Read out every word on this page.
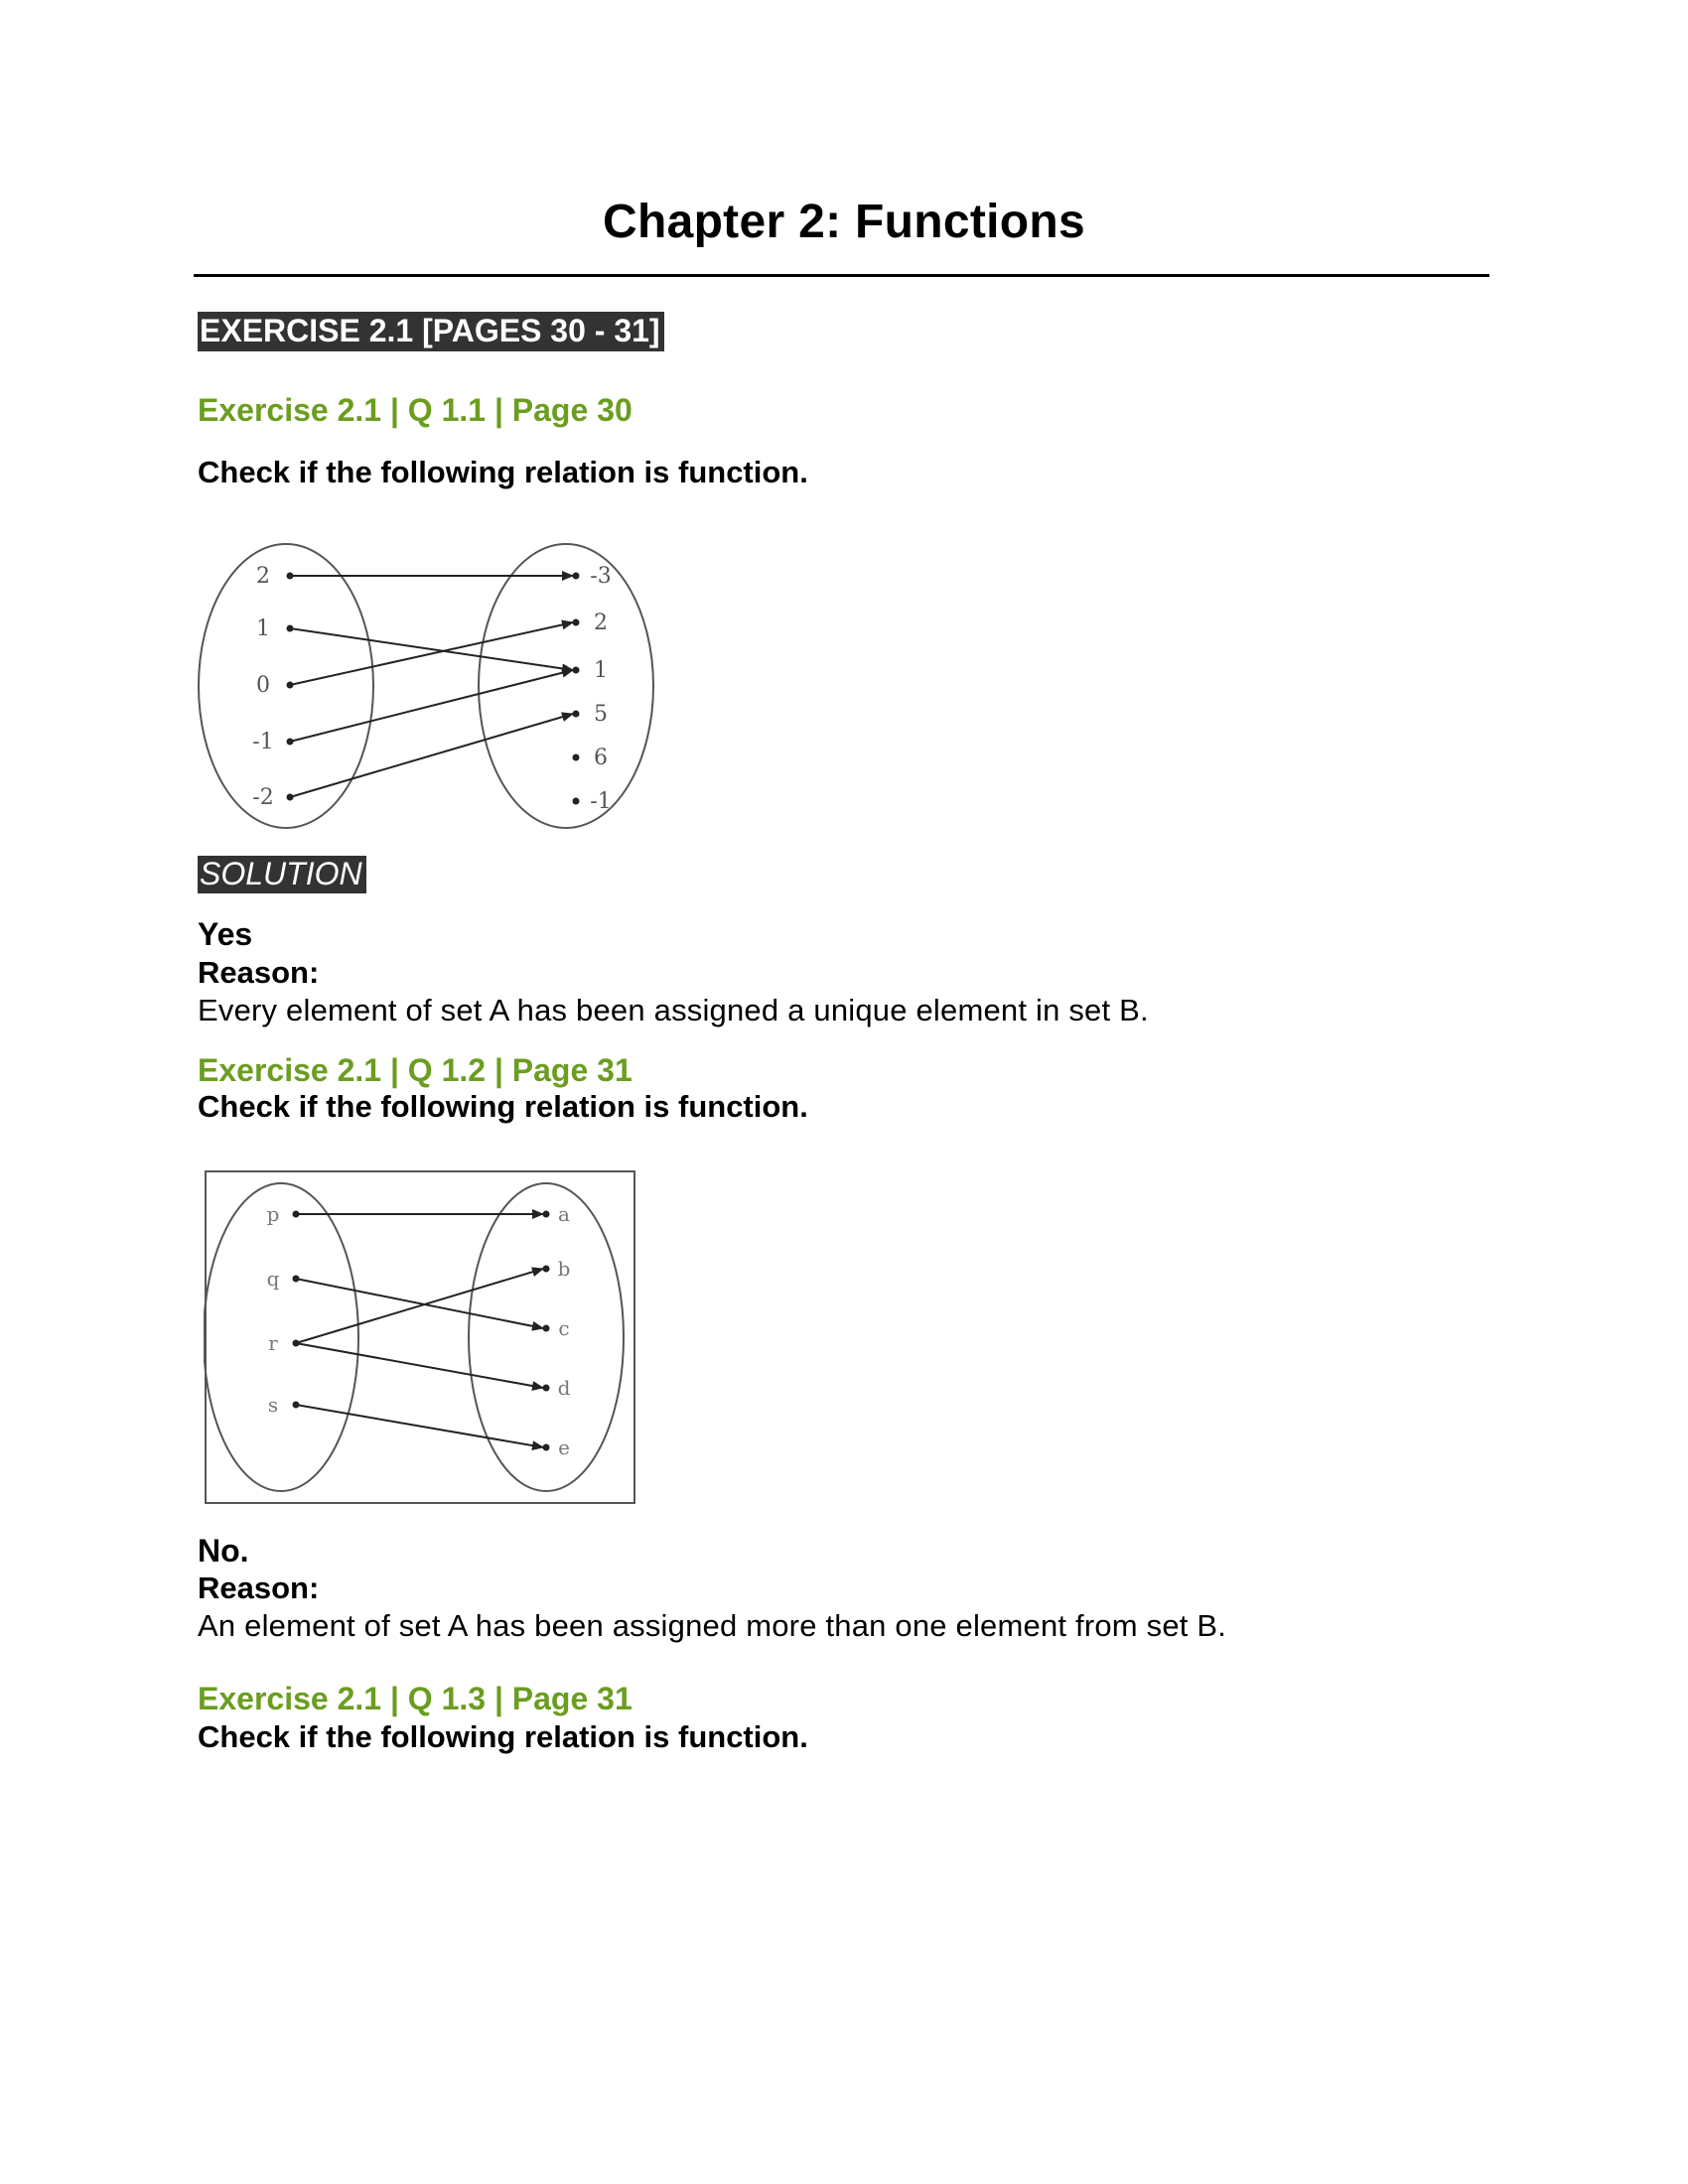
Chapter 2: Functions
EXERCISE 2.1 [PAGES 30 - 31]
Exercise 2.1 | Q 1.1 | Page 30
Check if the following relation is function.
2
1
0
-1
-2
-3
2
1
5
6
-1
SOLUTION
Yes
Reason:
Every element of set A has been assigned a unique element in set B.
Exercise 2.1 | Q 1.2 | Page 31
Check if the following relation is function.
p
q
r
s
a
b
c
d
e
No.
Reason:
An element of set A has been assigned more than one element from set B.
Exercise 2.1 | Q 1.3 | Page 31
Check if the following relation is function.
